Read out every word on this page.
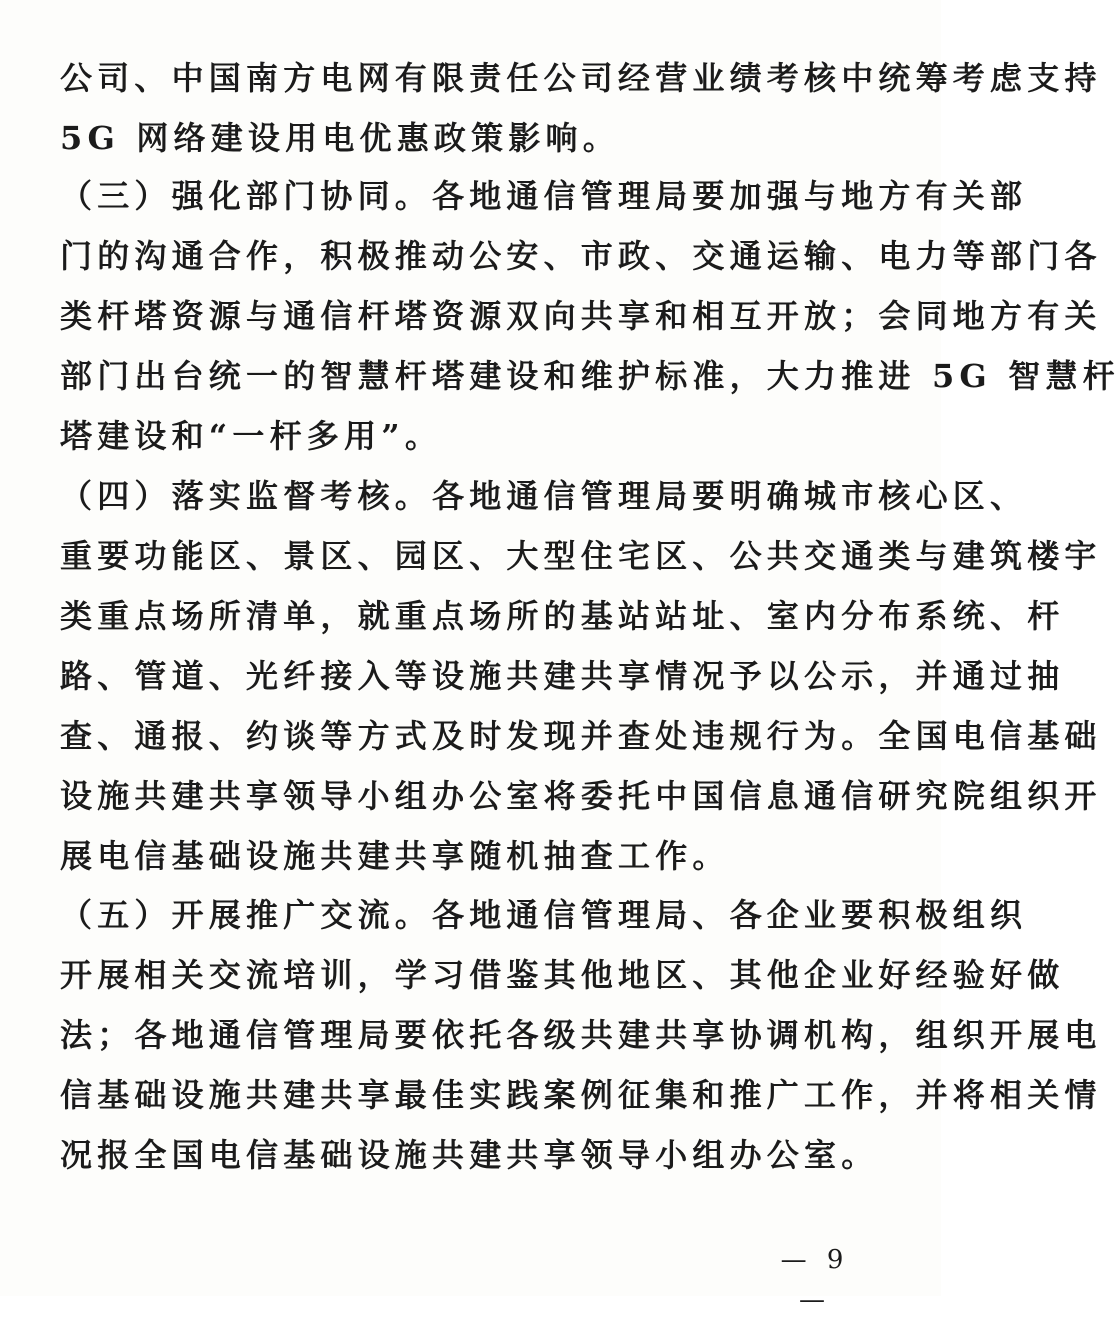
公司、中国南方电网有限责任公司经营业绩考核中统筹考虑支持
5G 网络建设用电优惠政策影响。
（三）强化部门协同。各地通信管理局要加强与地方有关部
门的沟通合作，积极推动公安、市政、交通运输、电力等部门各
类杆塔资源与通信杆塔资源双向共享和相互开放；会同地方有关
部门出台统一的智慧杆塔建设和维护标准，大力推进 5G 智慧杆
塔建设和“一杆多用”。
（四）落实监督考核。各地通信管理局要明确城市核心区、
重要功能区、景区、园区、大型住宅区、公共交通类与建筑楼宇
类重点场所清单，就重点场所的基站站址、室内分布系统、杆
路、管道、光纤接入等设施共建共享情况予以公示，并通过抽
查、通报、约谈等方式及时发现并查处违规行为。全国电信基础
设施共建共享领导小组办公室将委托中国信息通信研究院组织开
展电信基础设施共建共享随机抽查工作。
（五）开展推广交流。各地通信管理局、各企业要积极组织
开展相关交流培训，学习借鉴其他地区、其他企业好经验好做
法；各地通信管理局要依托各级共建共享协调机构，组织开展电
信基础设施共建共享最佳实践案例征集和推广工作，并将相关情
况报全国电信基础设施共建共享领导小组办公室。
— 9 —
